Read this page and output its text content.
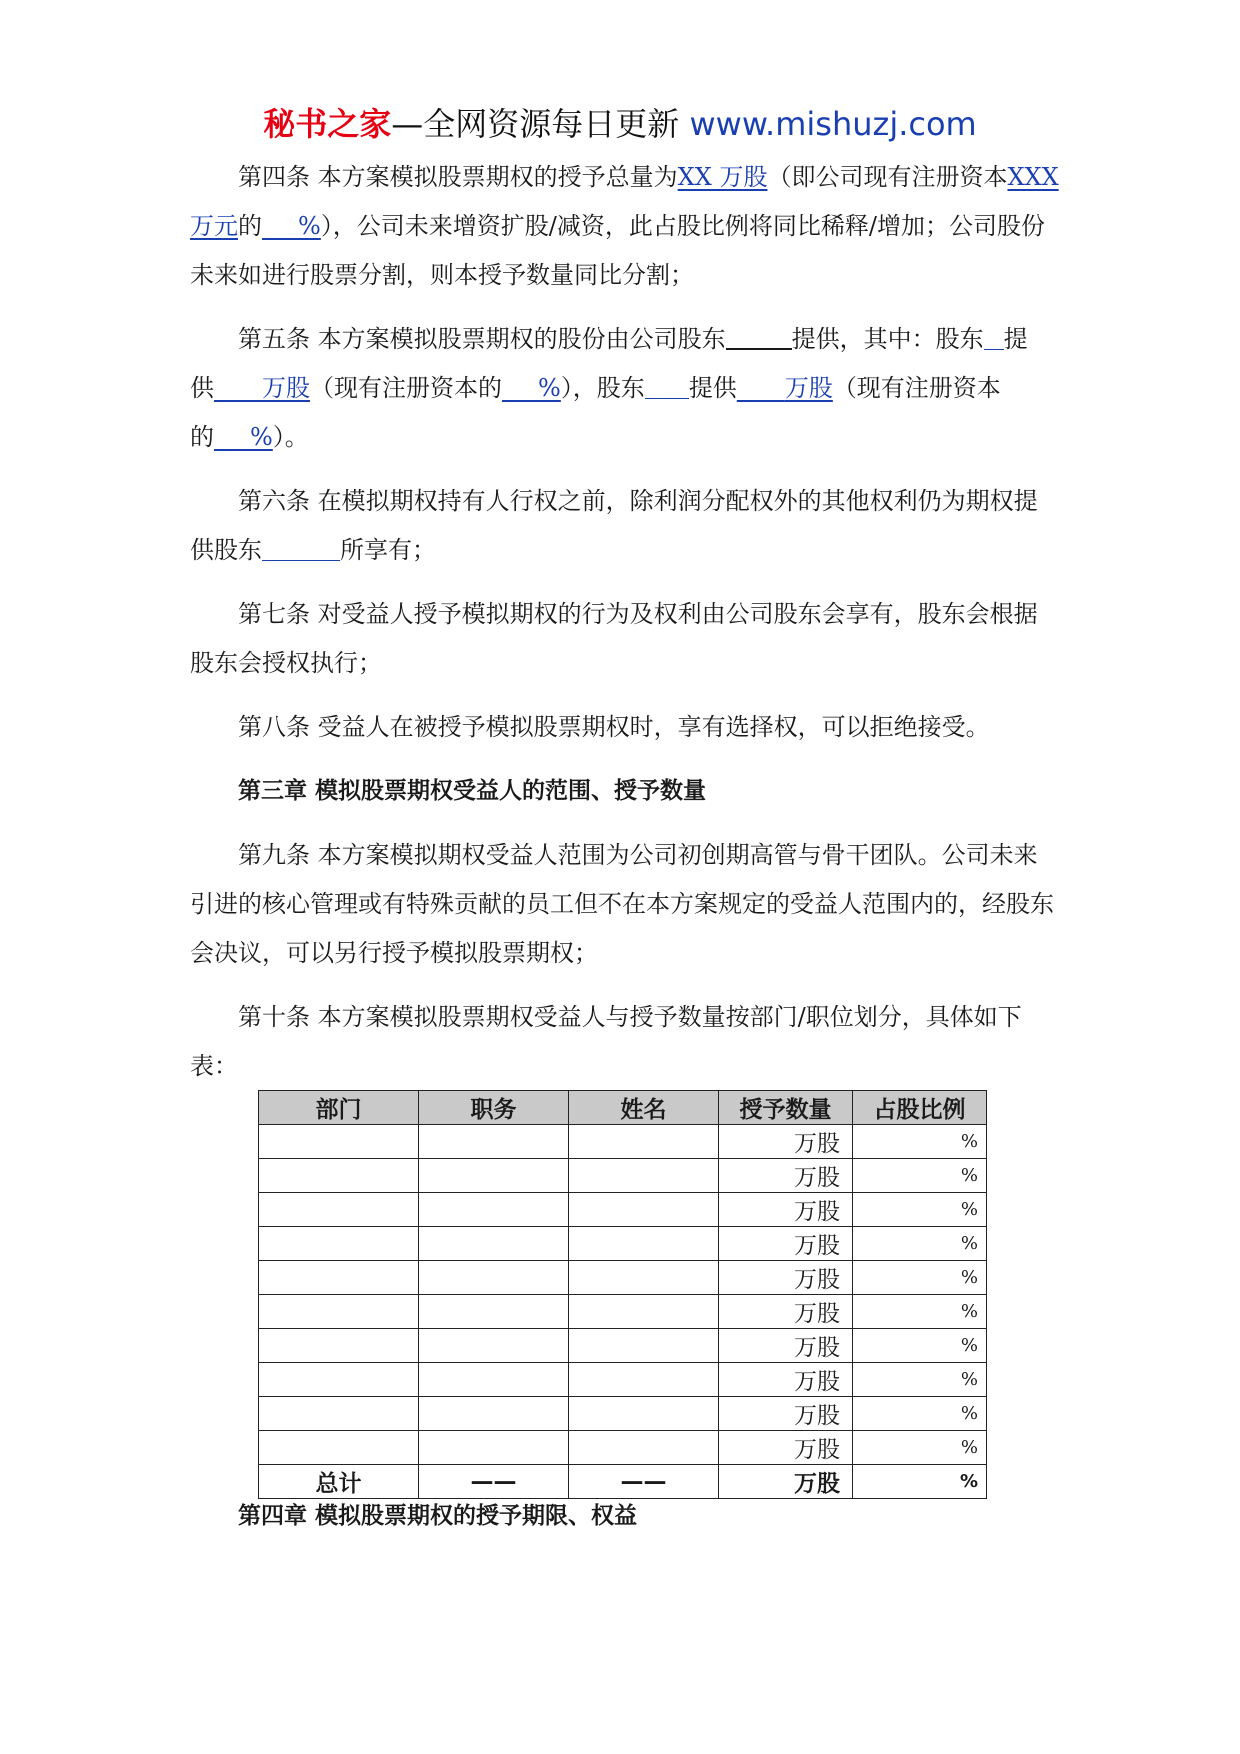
秘书之家—全网资源每日更新 www.mishuzj.com

第四条 本方案模拟股票期权的授予总量为XX 万股（即公司现有注册资本XXX 万元的   %），公司未来增资扩股/减资，此占股比例将同比稀释/增加；公司股份未来如进行股票分割，则本授予数量同比分割；

第五条 本方案模拟股票期权的股份由公司股东	提供，其中：股东 提供    万股（现有注册资本的   %），股东 提供    万股（现有注册资本的   %）。

第六条 在模拟期权持有人行权之前，除利润分配权外的其他权利仍为期权提供股东	所享有；

第七条 对受益人授予模拟期权的行为及权利由公司股东会享有，股东会根据股东会授权执行；

第八条 受益人在被授予模拟股票期权时，享有选择权，可以拒绝接受。

第三章 模拟股票期权受益人的范围、授予数量

第九条 本方案模拟期权受益人范围为公司初创期高管与骨干团队。公司未来引进的核心管理或有特殊贡献的员工但不在本方案规定的受益人范围内的，经股东会决议，可以另行授予模拟股票期权；

第十条 本方案模拟股票期权受益人与授予数量按部门/职位划分，具体如下表：

部门	职务	姓名	授予数量	占股比例
			万股	%
			万股	%
			万股	%
			万股	%
			万股	%
			万股	%
			万股	%
			万股	%
			万股	%
			万股	%
总计	——	——	万股	%

第四章 模拟股票期权的授予期限、权益
